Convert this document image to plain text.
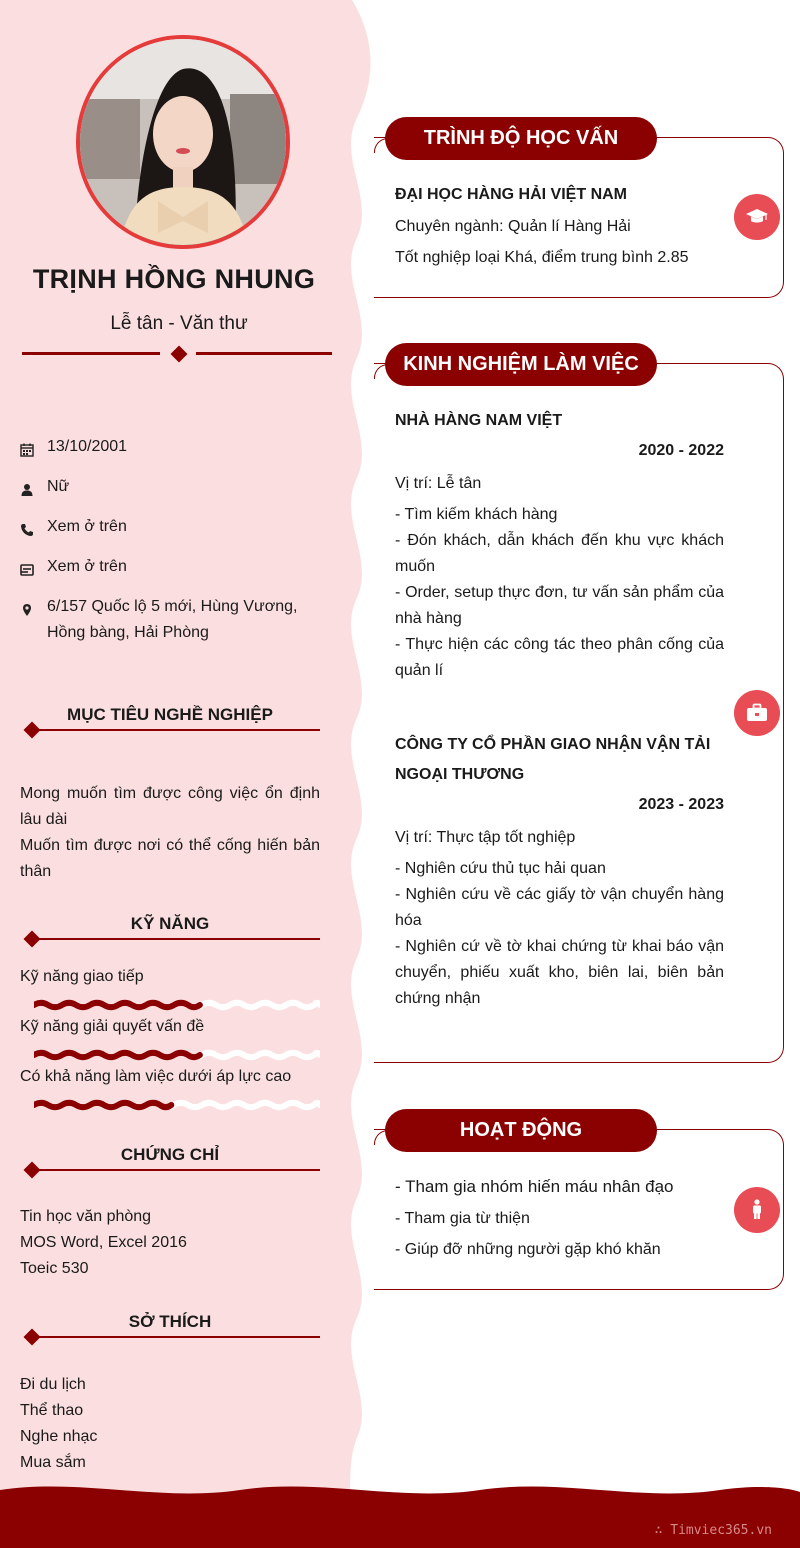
TRỊNH HỒNG NHUNG
Lễ tân - Văn thư
13/10/2001
Nữ
Xem ở trên
Xem ở trên
6/157 Quốc lộ 5 mới, Hùng Vương, Hồng bàng, Hải Phòng
MỤC TIÊU NGHỀ NGHIỆP
Mong muốn tìm được công việc ổn định lâu dài
Muốn tìm được nơi có thể cống hiến bản thân
KỸ NĂNG
Kỹ năng giao tiếp
Kỹ năng giải quyết vấn đề
Có khả năng làm việc dưới áp lực cao
CHỨNG CHỈ
Tin học văn phòng
MOS Word, Excel 2016
Toeic 530
SỞ THÍCH
Đi du lịch
Thể thao
Nghe nhạc
Mua sắm
TRÌNH ĐỘ HỌC VẤN
ĐẠI HỌC HÀNG HẢI VIỆT NAM
Chuyên ngành: Quản lí Hàng Hải
Tốt nghiệp loại Khá, điểm trung bình 2.85
KINH NGHIỆM LÀM VIỆC
NHÀ HÀNG NAM VIỆT
2020 - 2022
Vị trí: Lễ tân
- Tìm kiếm khách hàng
- Đón khách, dẫn khách đến khu vực khách muốn
- Order, setup thực đơn, tư vấn sản phẩm của nhà hàng
- Thực hiện các công tác theo phân cống của quản lí
CÔNG TY CỔ PHẦN GIAO NHẬN VẬN TẢI NGOẠI THƯƠNG
2023 - 2023
Vị trí: Thực tập tốt nghiệp
- Nghiên cứu thủ tục hải quan
- Nghiên cứu về các giấy tờ vận chuyển hàng hóa
- Nghiên cứ về tờ khai chứng từ khai báo vận chuyển, phiếu xuất kho, biên lai, biên bản chứng nhận
HOẠT ĐỘNG
- Tham gia nhóm hiến máu nhân đạo
- Tham gia từ thiện
- Giúp đỡ những người gặp khó khăn
∴ Timviec365.vn
